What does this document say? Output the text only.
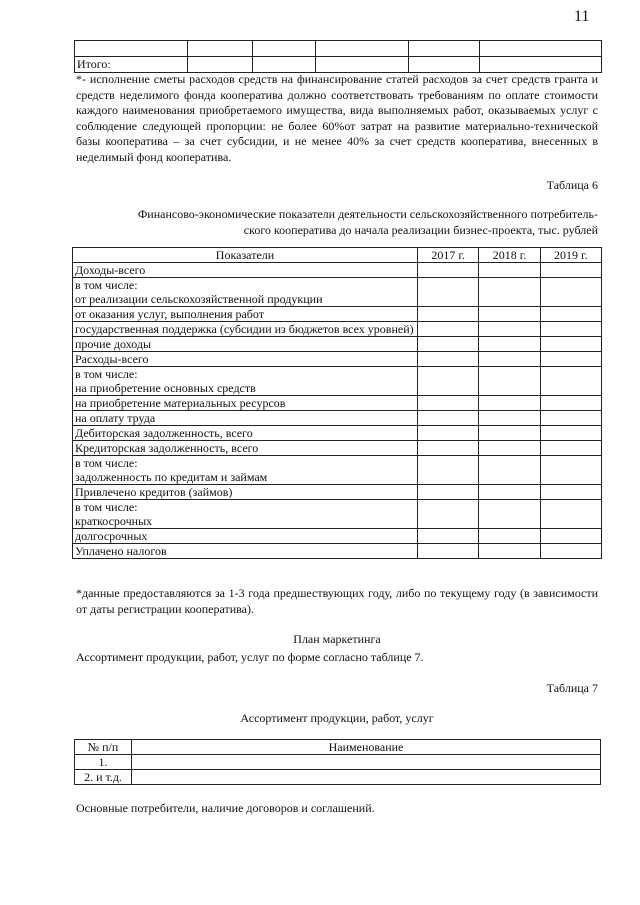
11

Итого:					

*- исполнение сметы расходов средств на финансирование статей расходов за счет средств гранта и средств неделимого фонда кооператива должно соответствовать требованиям по оплате стоимости каждого наименования приобретаемого имущества, вида выполняемых работ, оказываемых услуг с соблюдение следующей пропорции: не более 60%от затрат на развитие материально-технической базы кооператива – за счет субсидии, и не менее 40% за счет средств кооператива, внесенных в неделимый фонд кооператива.

Таблица 6
Финансово-экономические показатели деятельности сельскохозяйственного потребитель-
ского кооператива до начала реализации бизнес-проекта, тыс. рублей
Показатели	2017 г.	2018 г.	2019 г.
Доходы-всего			
в том числе:
от реализации сельскохозяйственной продукции			
от оказания услуг, выполнения работ			
государственная поддержка (субсидии из бюджетов всех уровней)			
прочие доходы			
Расходы-всего			
в том числе:
на приобретение основных средств			
на приобретение материальных ресурсов			
на оплату труда			
Дебиторская задолженность, всего			
Кредиторская задолженность, всего			
в том числе:
задолженность по кредитам и займам			
Привлечено кредитов (займов)			
в том числе:
краткосрочных			
долгосрочных			
Уплачено налогов			

*данные предоставляются за 1-3 года предшествующих году, либо по текущему году (в зависимости от даты регистрации кооператива).

План маркетинга
Ассортимент продукции, работ, услуг по форме согласно таблице 7.
Таблица 7
Ассортимент продукции, работ, услуг
№ п/п	Наименование
1.	
2. и т.д.	
Основные потребители, наличие договоров и соглашений.
